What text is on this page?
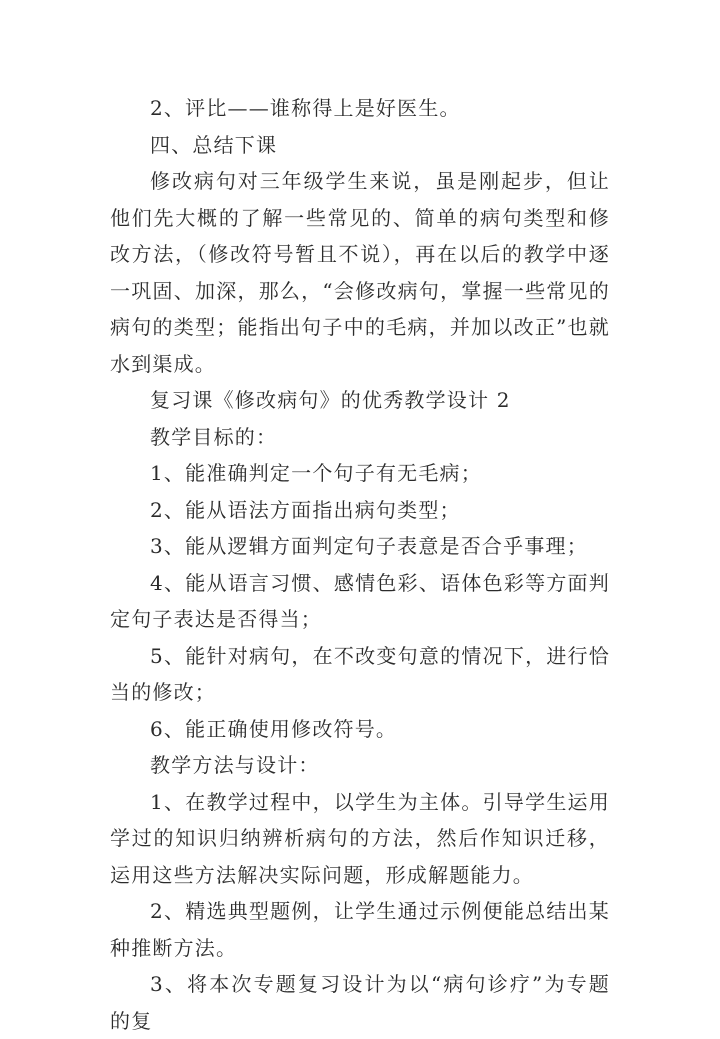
2、评比——谁称得上是好医生。

四、总结下课

修改病句对三年级学生来说，虽是刚起步，但让他们先大概的了解一些常见的、简单的病句类型和修改方法，（修改符号暂且不说），再在以后的教学中逐一巩固、加深，那么，“会修改病句，掌握一些常见的病句的类型；能指出句子中的毛病，并加以改正”也就水到渠成。

复习课《修改病句》的优秀教学设计 2

教学目标的：

1、能准确判定一个句子有无毛病；

2、能从语法方面指出病句类型；

3、能从逻辑方面判定句子表意是否合乎事理；

4、能从语言习惯、感情色彩、语体色彩等方面判定句子表达是否得当；

5、能针对病句，在不改变句意的情况下，进行恰当的修改；

6、能正确使用修改符号。

教学方法与设计：

1、在教学过程中，以学生为主体。引导学生运用学过的知识归纳辨析病句的方法，然后作知识迁移，运用这些方法解决实际问题，形成解题能力。

2、精选典型题例，让学生通过示例便能总结出某种推断方法。

3、将本次专题复习设计为以“病句诊疗”为专题的复
